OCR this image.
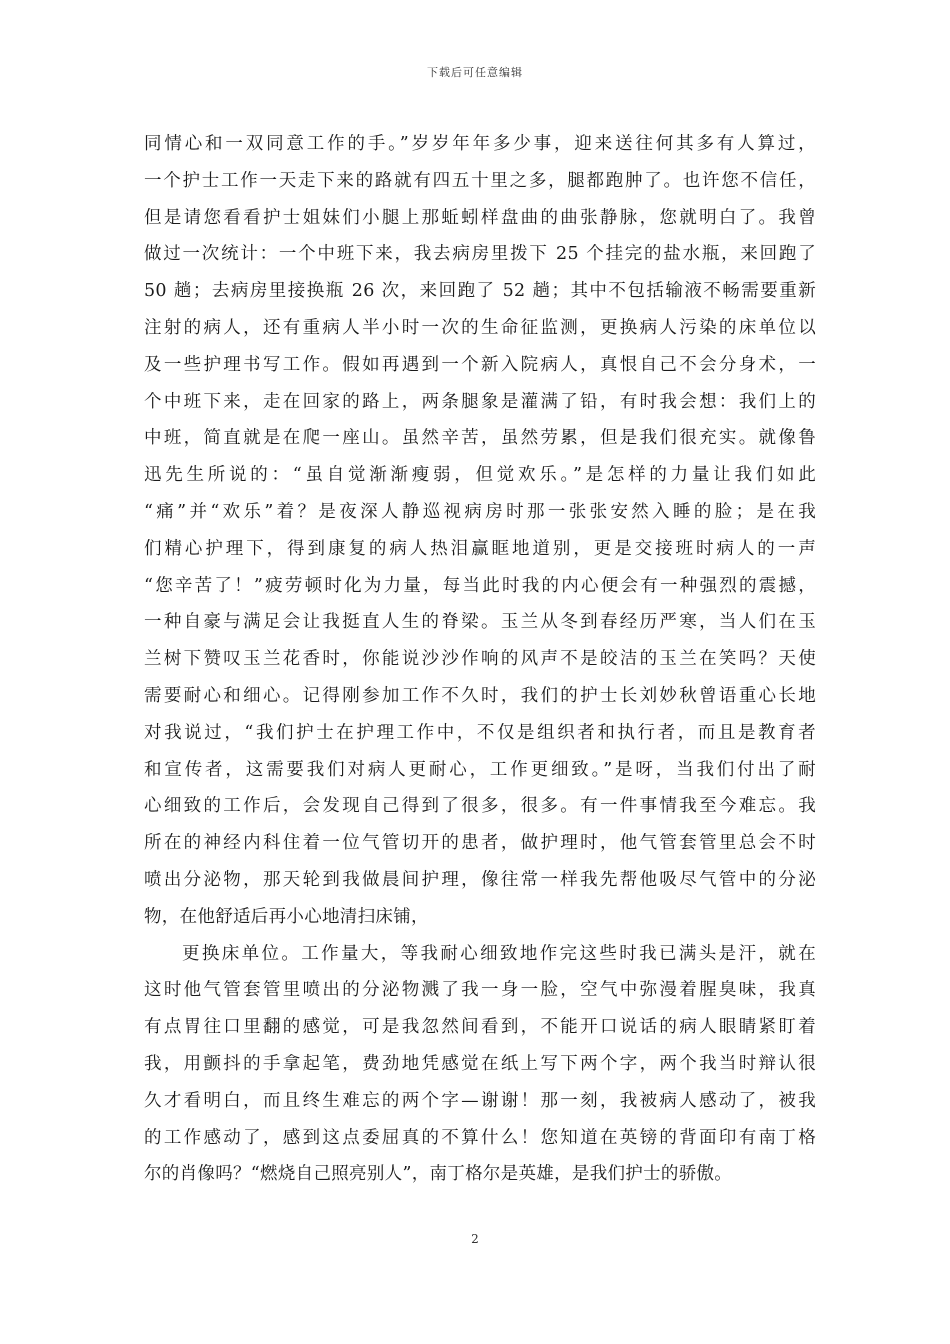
下载后可任意编辑
同情心和一双同意工作的手。”岁岁年年多少事，迎来送往何其多有人算过，
一个护士工作一天走下来的路就有四五十里之多，腿都跑肿了。也许您不信任，
但是请您看看护士姐妹们小腿上那蚯蚓样盘曲的曲张静脉，您就明白了。我曾
做过一次统计：一个中班下来，我去病房里拨下 25 个挂完的盐水瓶，来回跑了
50 趟；去病房里接换瓶 26 次，来回跑了 52 趟；其中不包括输液不畅需要重新
注射的病人，还有重病人半小时一次的生命征监测，更换病人污染的床单位以
及一些护理书写工作。假如再遇到一个新入院病人，真恨自己不会分身术，一
个中班下来，走在回家的路上，两条腿象是灌满了铅，有时我会想：我们上的
中班，简直就是在爬一座山。虽然辛苦，虽然劳累，但是我们很充实。就像鲁
迅先生所说的：“虽自觉渐渐瘦弱，但觉欢乐。”是怎样的力量让我们如此
“痛”并“欢乐”着？是夜深人静巡视病房时那一张张安然入睡的脸；是在我
们精心护理下，得到康复的病人热泪赢眶地道别，更是交接班时病人的一声
“您辛苦了！”疲劳顿时化为力量，每当此时我的内心便会有一种强烈的震撼，
一种自豪与满足会让我挺直人生的脊梁。玉兰从冬到春经历严寒，当人们在玉
兰树下赞叹玉兰花香时，你能说沙沙作响的风声不是皎洁的玉兰在笑吗？天使
需要耐心和细心。记得刚参加工作不久时，我们的护士长刘妙秋曾语重心长地
对我说过，“我们护士在护理工作中，不仅是组织者和执行者，而且是教育者
和宣传者，这需要我们对病人更耐心，工作更细致。”是呀，当我们付出了耐
心细致的工作后，会发现自己得到了很多，很多。有一件事情我至今难忘。我
所在的神经内科住着一位气管切开的患者，做护理时，他气管套管里总会不时
喷出分泌物，那天轮到我做晨间护理，像往常一样我先帮他吸尽气管中的分泌
物，在他舒适后再小心地清扫床铺，
更换床单位。工作量大，等我耐心细致地作完这些时我已满头是汗，就在
这时他气管套管里喷出的分泌物溅了我一身一脸，空气中弥漫着腥臭味，我真
有点胃往口里翻的感觉，可是我忽然间看到，不能开口说话的病人眼睛紧盯着
我，用颤抖的手拿起笔，费劲地凭感觉在纸上写下两个字，两个我当时辩认很
久才看明白，而且终生难忘的两个字—谢谢！那一刻，我被病人感动了，被我
的工作感动了，感到这点委屈真的不算什么！您知道在英镑的背面印有南丁格
尔的肖像吗？“燃烧自己照亮别人”，南丁格尔是英雄，是我们护士的骄傲。
2
